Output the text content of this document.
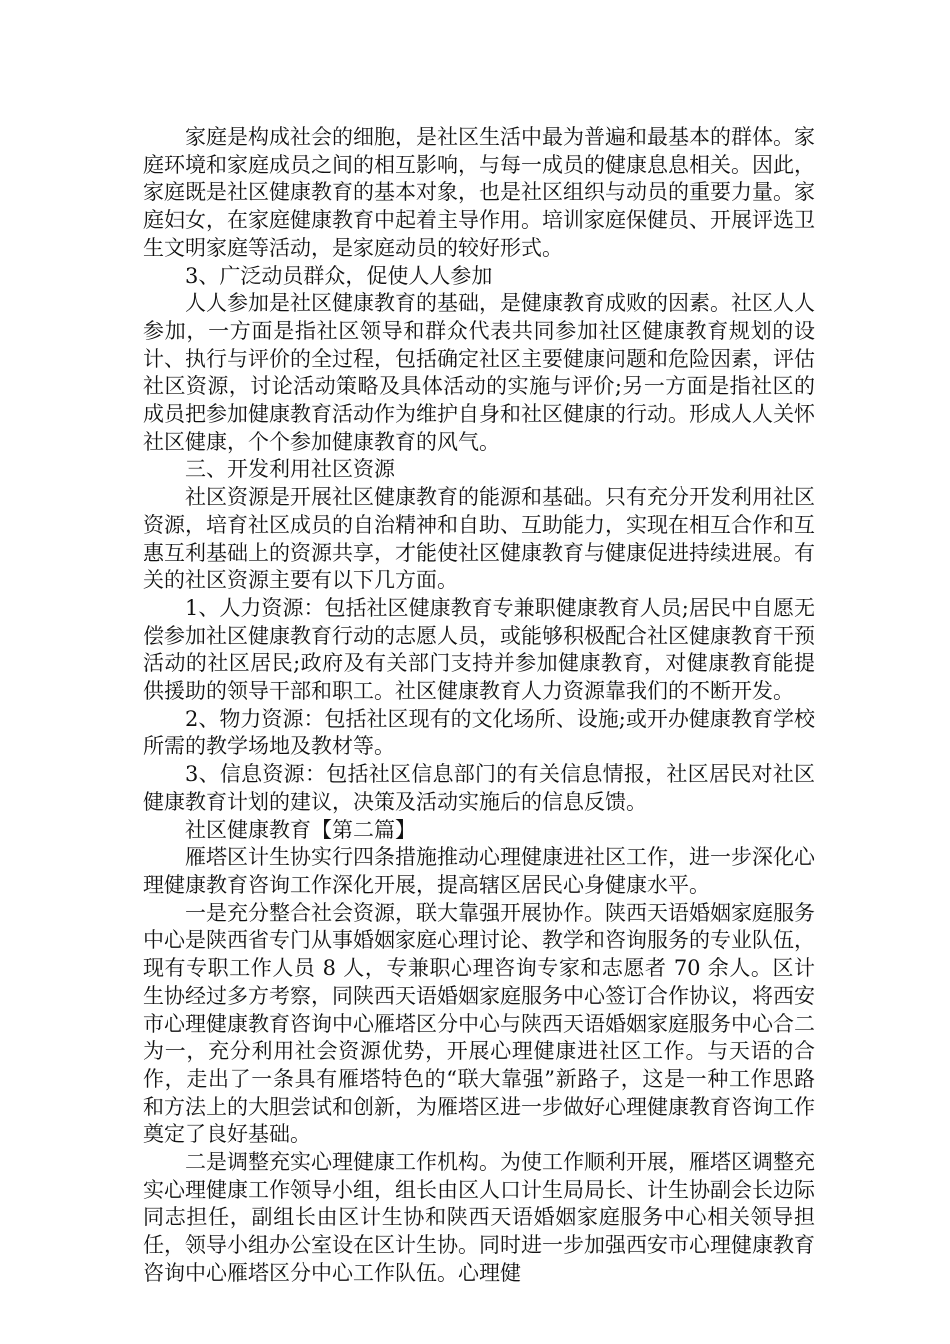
家庭是构成社会的细胞，是社区生活中最为普遍和最基本的群体。家庭环境和家庭成员之间的相互影响，与每一成员的健康息息相关。因此，家庭既是社区健康教育的基本对象，也是社区组织与动员的重要力量。家庭妇女，在家庭健康教育中起着主导作用。培训家庭保健员、开展评选卫生文明家庭等活动，是家庭动员的较好形式。

3、广泛动员群众，促使人人参加

人人参加是社区健康教育的基础，是健康教育成败的因素。社区人人参加，一方面是指社区领导和群众代表共同参加社区健康教育规划的设计、执行与评价的全过程，包括确定社区主要健康问题和危险因素，评估社区资源，讨论活动策略及具体活动的实施与评价;另一方面是指社区的成员把参加健康教育活动作为维护自身和社区健康的行动。形成人人关怀社区健康，个个参加健康教育的风气。

三、开发利用社区资源

社区资源是开展社区健康教育的能源和基础。只有充分开发利用社区资源，培育社区成员的自治精神和自助、互助能力，实现在相互合作和互惠互利基础上的资源共享，才能使社区健康教育与健康促进持续进展。有关的社区资源主要有以下几方面。

1、人力资源：包括社区健康教育专兼职健康教育人员;居民中自愿无偿参加社区健康教育行动的志愿人员，或能够积极配合社区健康教育干预活动的社区居民;政府及有关部门支持并参加健康教育，对健康教育能提供援助的领导干部和职工。社区健康教育人力资源靠我们的不断开发。

2、物力资源：包括社区现有的文化场所、设施;或开办健康教育学校所需的教学场地及教材等。

3、信息资源：包括社区信息部门的有关信息情报，社区居民对社区健康教育计划的建议，决策及活动实施后的信息反馈。

社区健康教育【第二篇】

雁塔区计生协实行四条措施推动心理健康进社区工作，进一步深化心理健康教育咨询工作深化开展，提高辖区居民心身健康水平。

一是充分整合社会资源，联大靠强开展协作。陕西天语婚姻家庭服务中心是陕西省专门从事婚姻家庭心理讨论、教学和咨询服务的专业队伍，现有专职工作人员 8 人，专兼职心理咨询专家和志愿者 70 余人。区计生协经过多方考察，同陕西天语婚姻家庭服务中心签订合作协议，将西安市心理健康教育咨询中心雁塔区分中心与陕西天语婚姻家庭服务中心合二为一，充分利用社会资源优势，开展心理健康进社区工作。与天语的合作，走出了一条具有雁塔特色的“联大靠强”新路子，这是一种工作思路和方法上的大胆尝试和创新，为雁塔区进一步做好心理健康教育咨询工作奠定了良好基础。

二是调整充实心理健康工作机构。为使工作顺利开展，雁塔区调整充实心理健康工作领导小组，组长由区人口计生局局长、计生协副会长边际同志担任，副组长由区计生协和陕西天语婚姻家庭服务中心相关领导担任，领导小组办公室设在区计生协。同时进一步加强西安市心理健康教育咨询中心雁塔区分中心工作队伍。心理健
